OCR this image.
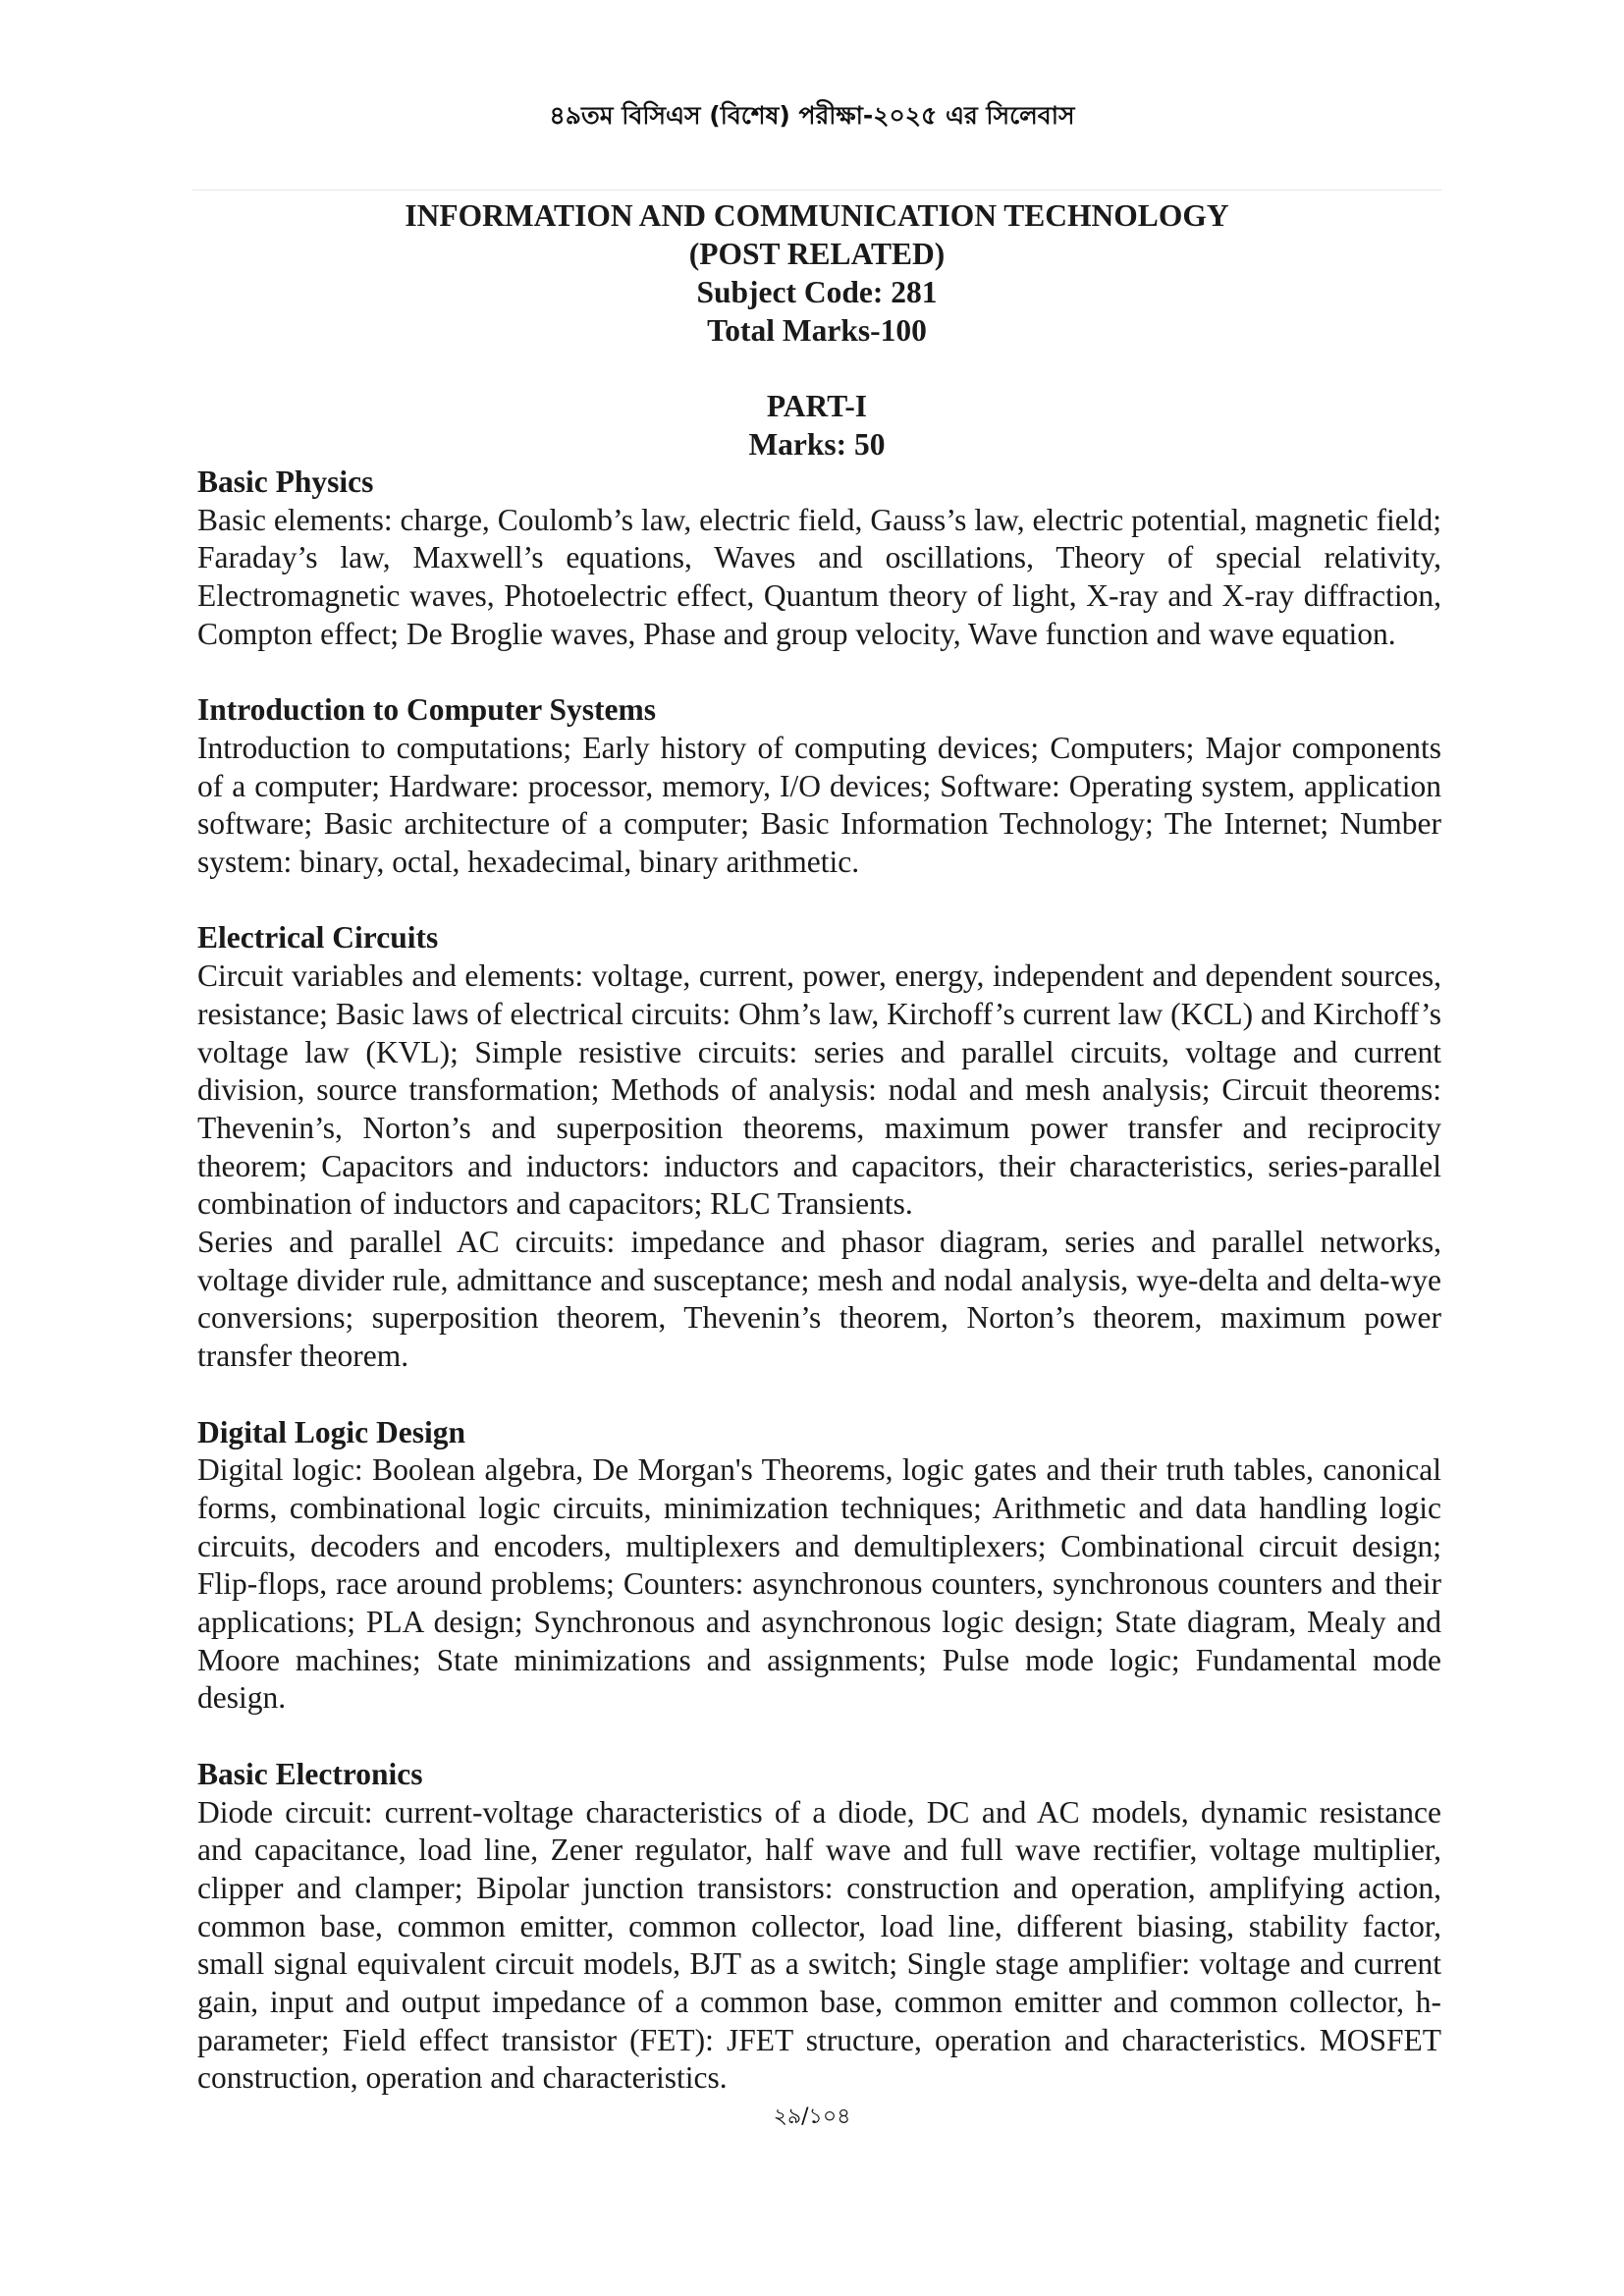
৪৯তম বিসিএস (বিশেষ) পরীক্ষা-২০২৫ এর সিলেবাস
INFORMATION AND COMMUNICATION TECHNOLOGY
(POST RELATED)
Subject Code: 281
Total Marks-100
PART-I
Marks: 50

Basic Physics

Basic elements: charge, Coulomb’s law, electric field, Gauss’s law, electric potential, magnetic field; Faraday’s law, Maxwell’s equations, Waves and oscillations, Theory of special relativity, Electromagnetic waves, Photoelectric effect, Quantum theory of light, X-ray and X-ray diffraction, Compton effect; De Broglie waves, Phase and group velocity, Wave function and wave equation.

Introduction to Computer Systems

Introduction to computations; Early history of computing devices; Computers; Major components of a computer; Hardware: processor, memory, I/O devices; Software: Operating system, application software; Basic architecture of a computer; Basic Information Technology; The Internet; Number system: binary, octal, hexadecimal, binary arithmetic.

Electrical Circuits

Circuit variables and elements: voltage, current, power, energy, independent and dependent sources, resistance; Basic laws of electrical circuits: Ohm’s law, Kirchoff’s current law (KCL) and Kirchoff’s voltage law (KVL); Simple resistive circuits: series and parallel circuits, voltage and current division, source transformation; Methods of analysis: nodal and mesh analysis; Circuit theorems: Thevenin’s, Norton’s and superposition theorems, maximum power transfer and reciprocity theorem; Capacitors and inductors: inductors and capacitors, their characteristics, series-parallel combination of inductors and capacitors; RLC Transients.

Series and parallel AC circuits: impedance and phasor diagram, series and parallel networks, voltage divider rule, admittance and susceptance; mesh and nodal analysis, wye-delta and delta-wye conversions; superposition theorem, Thevenin’s theorem, Norton’s theorem, maximum power transfer theorem.

Digital Logic Design

Digital logic: Boolean algebra, De Morgan's Theorems, logic gates and their truth tables, canonical forms, combinational logic circuits, minimization techniques; Arithmetic and data handling logic circuits, decoders and encoders, multiplexers and demultiplexers; Combinational circuit design; Flip-flops, race around problems; Counters: asynchronous counters, synchronous counters and their applications; PLA design; Synchronous and asynchronous logic design; State diagram, Mealy and Moore machines; State minimizations and assignments; Pulse mode logic; Fundamental mode design.

Basic Electronics

Diode circuit: current-voltage characteristics of a diode, DC and AC models, dynamic resistance and capacitance, load line, Zener regulator, half wave and full wave rectifier, voltage multiplier, clipper and clamper; Bipolar junction transistors: construction and operation, amplifying action, common base, common emitter, common collector, load line, different biasing, stability factor, small signal equivalent circuit models, BJT as a switch; Single stage amplifier: voltage and current gain, input and output impedance of a common base, common emitter and common collector, h-parameter; Field effect transistor (FET): JFET structure, operation and characteristics. MOSFET construction, operation and characteristics.

২৯/১০৪
